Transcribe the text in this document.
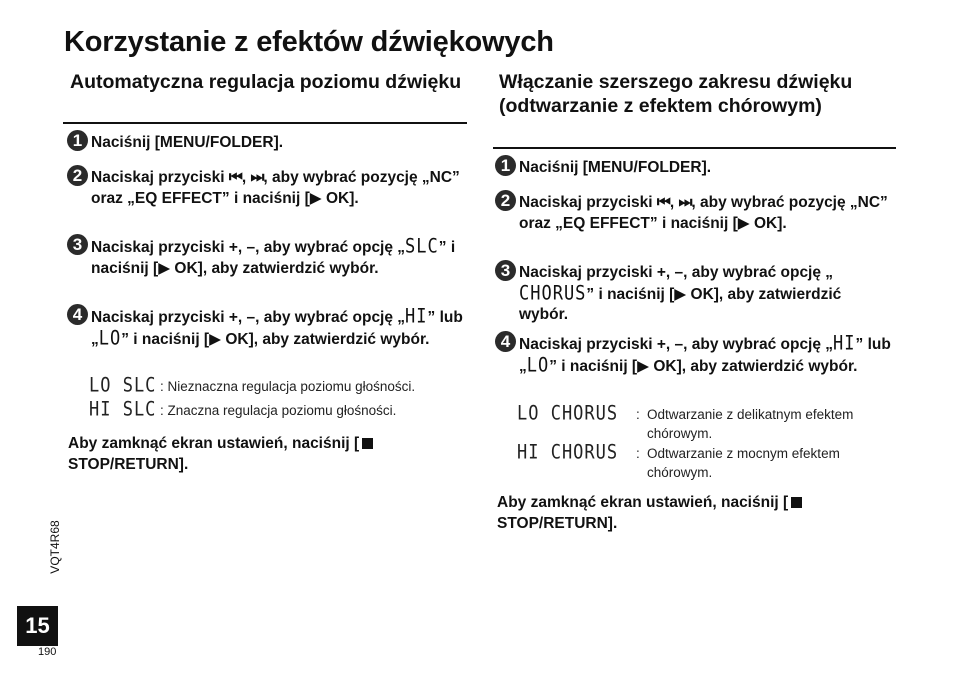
Korzystanie z efektów dźwiękowych
Automatyczna regulacja poziomu dźwięku
1 Naciśnij [MENU/FOLDER].
2 Naciskaj przyciski ⏮, ⏭, aby wybrać pozycję „NC” oraz „EQ EFFECT” i naciśnij [▶ OK].
3 Naciskaj przyciski +, –, aby wybrać opcję „SLC” i naciśnij [▶ OK], aby zatwierdzić wybór.
4 Naciskaj przyciski +, –, aby wybrać opcję „HI” lub „LO” i naciśnij [▶ OK], aby zatwierdzić wybór.
LO SLC : Nieznaczna regulacja poziomu głośności.
HI SLC : Znaczna regulacja poziomu głośności.
Aby zamknąć ekran ustawień, naciśnij [ STOP/RETURN].
Włączanie szerszego zakresu dźwięku (odtwarzanie z efektem chórowym)
1 Naciśnij [MENU/FOLDER].
2 Naciskaj przyciski ⏮, ⏭, aby wybrać pozycję „NC” oraz „EQ EFFECT” i naciśnij [▶ OK].
3 Naciskaj przyciski +, –, aby wybrać opcję „CHORUS” i naciśnij [▶ OK], aby zatwierdzić wybór.
4 Naciskaj przyciski +, –, aby wybrać opcję „HI” lub „LO” i naciśnij [▶ OK], aby zatwierdzić wybór.
LO CHORUS : Odtwarzanie z delikatnym efektem
chórowym.
HI CHORUS : Odtwarzanie z mocnym efektem
chórowym.
Aby zamknąć ekran ustawień, naciśnij [ STOP/RETURN].
VQT4R68
15
190
